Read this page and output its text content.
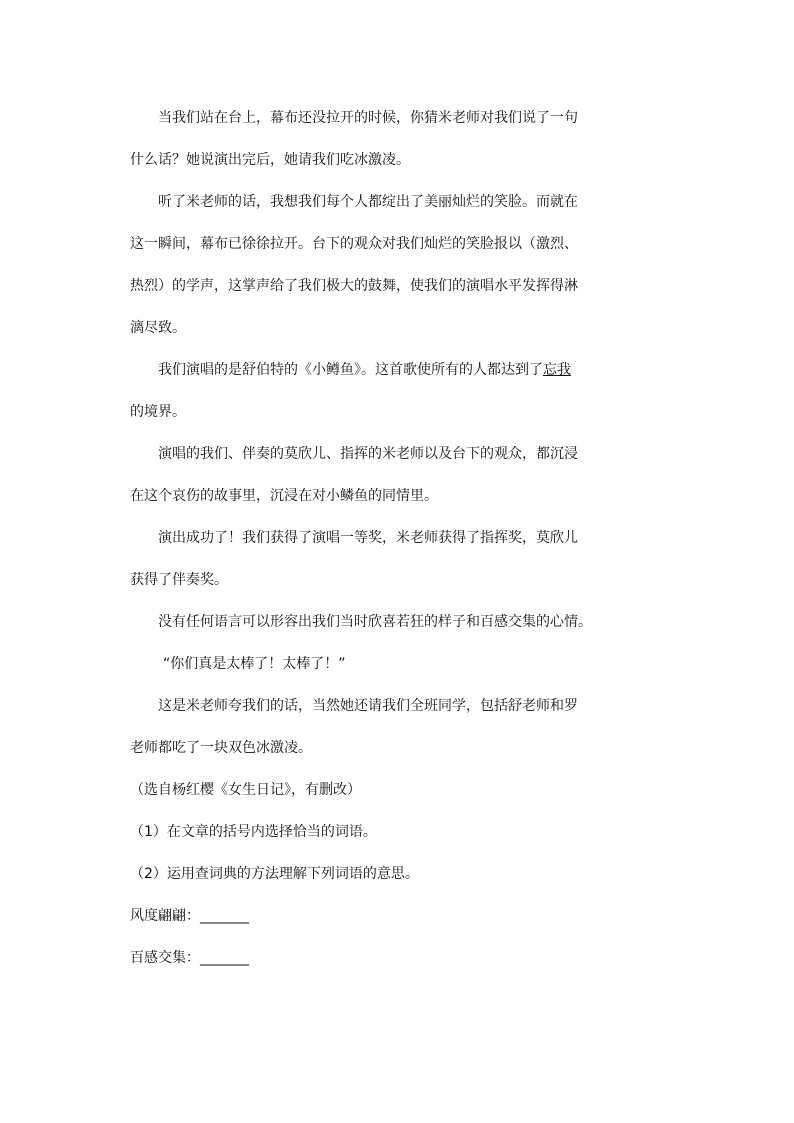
当我们站在台上，幕布还没拉开的时候，你猜米老师对我们说了一句
什么话？她说演出完后，她请我们吃冰激凌。
听了米老师的话，我想我们每个人都绽出了美丽灿烂的笑脸。而就在
这一瞬间，幕布已徐徐拉开。台下的观众对我们灿烂的笑脸报以（激烈、
热烈）的学声，这掌声给了我们极大的鼓舞，使我们的演唱水平发挥得淋
漓尽致。
我们演唱的是舒伯特的《小鳟鱼》。这首歌使所有的人都达到了忘我
的境界。
演唱的我们、伴奏的莫欣儿、指挥的米老师以及台下的观众，都沉浸
在这个哀伤的故事里，沉浸在对小鳞鱼的同情里。
演出成功了！我们获得了演唱一等奖，米老师获得了指挥奖，莫欣儿
获得了伴奏奖。
没有任何语言可以形容出我们当时欣喜若狂的样子和百感交集的心情。
“你们真是太棒了！太棒了！”
这是米老师夸我们的话，当然她还请我们全班同学，包括舒老师和罗
老师都吃了一块双色冰激凌。
（选自杨红樱《女生日记》，有删改）
（1）在文章的括号内选择恰当的词语。
（2）运用查词典的方法理解下列词语的意思。
风度翩翩：_______
百感交集：_______
